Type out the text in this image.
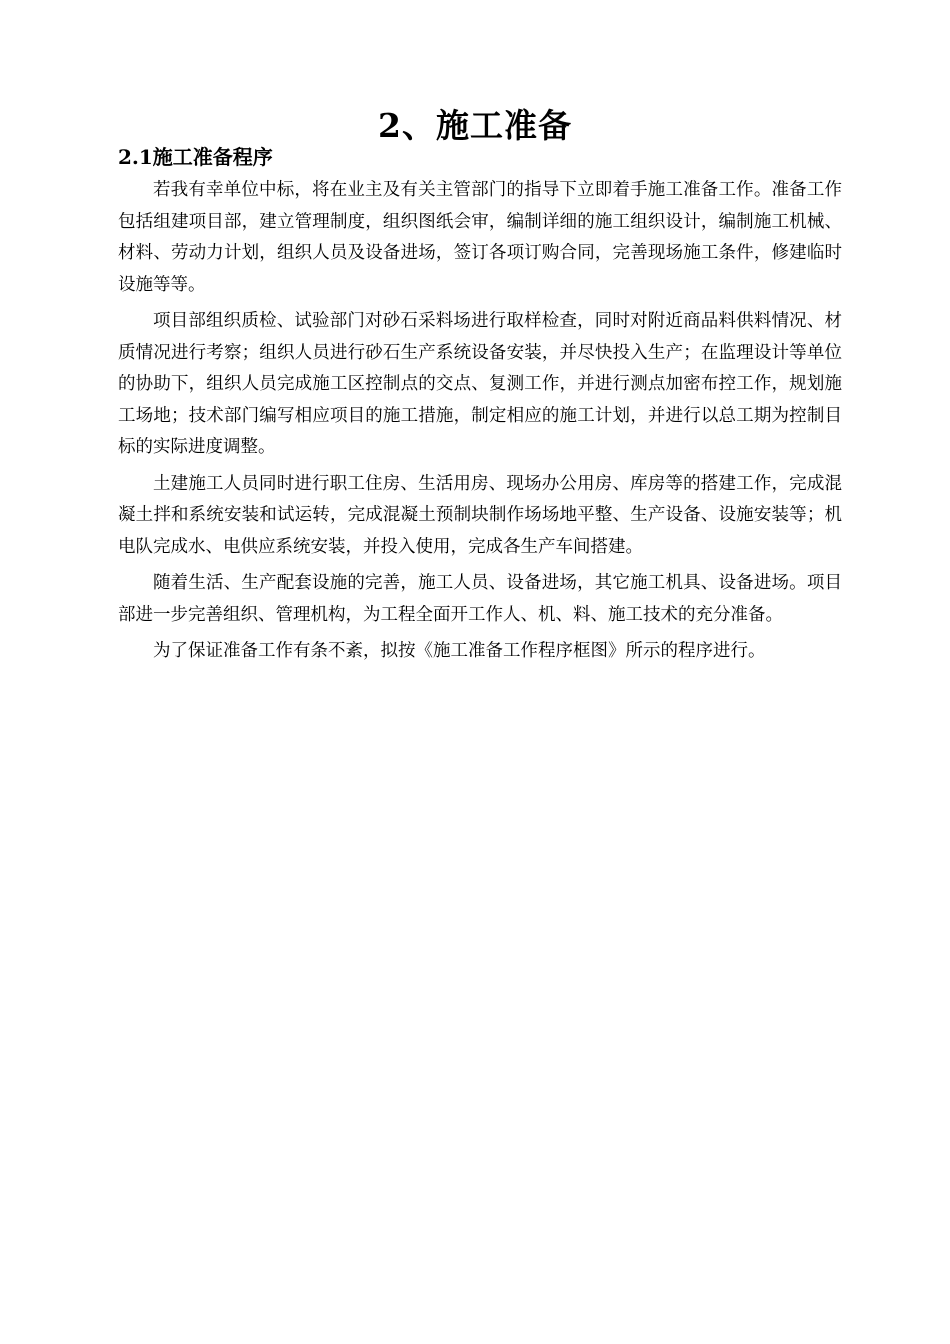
2、施工准备
2.1施工准备程序

若我有幸单位中标，将在业主及有关主管部门的指导下立即着手施工准备工作。准备工作包括组建项目部，建立管理制度，组织图纸会审，编制详细的施工组织设计，编制施工机械、材料、劳动力计划，组织人员及设备进场，签订各项订购合同，完善现场施工条件，修建临时设施等等。

项目部组织质检、试验部门对砂石采料场进行取样检查，同时对附近商品料供料情况、材质情况进行考察；组织人员进行砂石生产系统设备安装，并尽快投入生产；在监理设计等单位的协助下，组织人员完成施工区控制点的交点、复测工作，并进行测点加密布控工作，规划施工场地；技术部门编写相应项目的施工措施，制定相应的施工计划，并进行以总工期为控制目标的实际进度调整。

土建施工人员同时进行职工住房、生活用房、现场办公用房、库房等的搭建工作，完成混凝土拌和系统安装和试运转，完成混凝土预制块制作场场地平整、生产设备、设施安装等；机电队完成水、电供应系统安装，并投入使用，完成各生产车间搭建。

随着生活、生产配套设施的完善，施工人员、设备进场，其它施工机具、设备进场。项目部进一步完善组织、管理机构，为工程全面开工作人、机、料、施工技术的充分准备。

为了保证准备工作有条不紊，拟按《施工准备工作程序框图》所示的程序进行。
